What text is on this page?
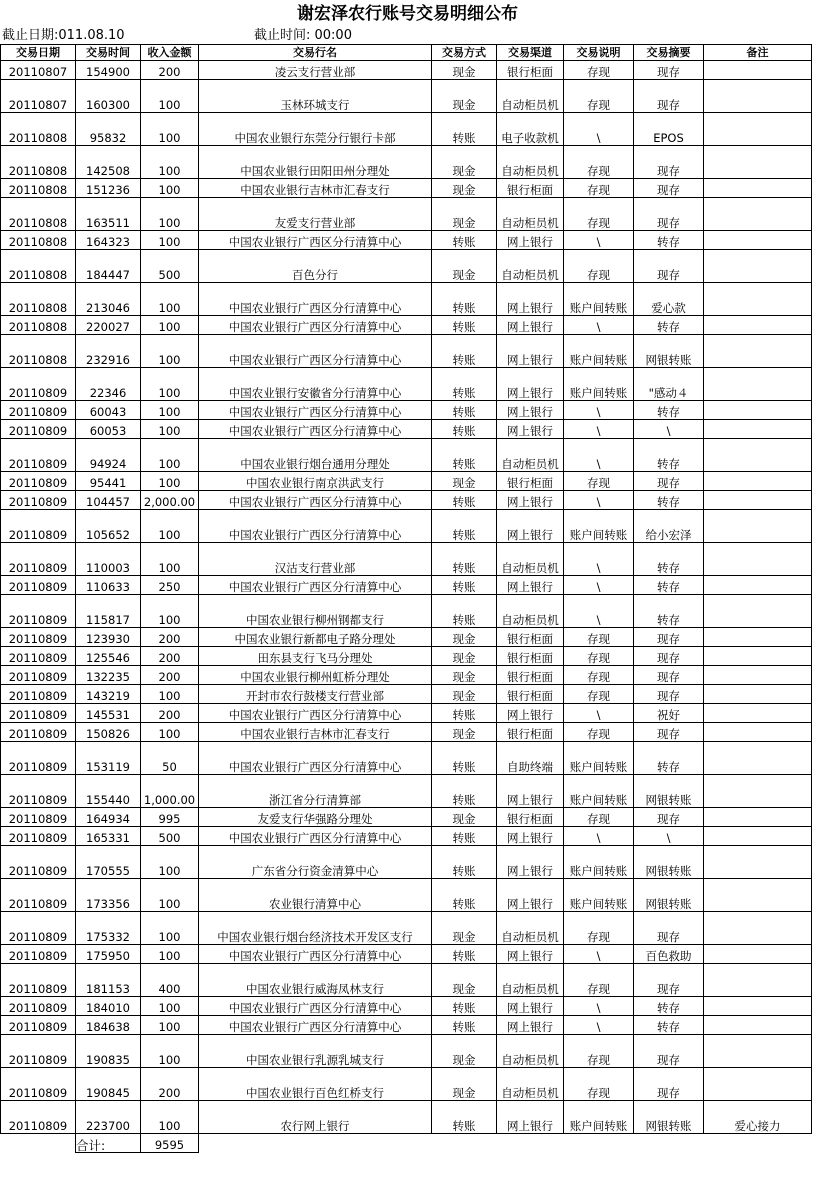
谢宏泽农行账号交易明细公布
截止日期:011.08.10	截止时间: 00:00
交易日期	交易时间	收入金额	交易行名	交易方式	交易渠道	交易说明	交易摘要	备注
20110807	154900	200	凌云支行营业部	现金	银行柜面	存现	现存	
20110807	160300	100	玉林环城支行	现金	自动柜员机	存现	现存	
20110808	95832	100	中国农业银行东莞分行银行卡部	转账	电子收款机	\	EPOS	
20110808	142508	100	中国农业银行田阳田州分理处	现金	自动柜员机	存现	现存	
20110808	151236	100	中国农业银行吉林市汇春支行	现金	银行柜面	存现	现存	
20110808	163511	100	友爱支行营业部	现金	自动柜员机	存现	现存	
20110808	164323	100	中国农业银行广西区分行清算中心	转账	网上银行	\	转存	
20110808	184447	500	百色分行	现金	自动柜员机	存现	现存	
20110808	213046	100	中国农业银行广西区分行清算中心	转账	网上银行	账户间转账	爱心款	
20110808	220027	100	中国农业银行广西区分行清算中心	转账	网上银行	\	转存	
20110808	232916	100	中国农业银行广西区分行清算中心	转账	网上银行	账户间转账	网银转账	
20110809	22346	100	中国农业银行安徽省分行清算中心	转账	网上银行	账户间转账	"感动４	
20110809	60043	100	中国农业银行广西区分行清算中心	转账	网上银行	\	转存	
20110809	60053	100	中国农业银行广西区分行清算中心	转账	网上银行	\	\	
20110809	94924	100	中国农业银行烟台通用分理处	转账	自动柜员机	\	转存	
20110809	95441	100	中国农业银行南京洪武支行	现金	银行柜面	存现	现存	
20110809	104457	2,000.00	中国农业银行广西区分行清算中心	转账	网上银行	\	转存	
20110809	105652	100	中国农业银行广西区分行清算中心	转账	网上银行	账户间转账	给小宏泽	
20110809	110003	100	汉沽支行营业部	转账	自动柜员机	\	转存	
20110809	110633	250	中国农业银行广西区分行清算中心	转账	网上银行	\	转存	
20110809	115817	100	中国农业银行柳州钢都支行	转账	自动柜员机	\	转存	
20110809	123930	200	中国农业银行新都电子路分理处	现金	银行柜面	存现	现存	
20110809	125546	200	田东县支行飞马分理处	现金	银行柜面	存现	现存	
20110809	132235	200	中国农业银行柳州虹桥分理处	现金	银行柜面	存现	现存	
20110809	143219	100	开封市农行鼓楼支行营业部	现金	银行柜面	存现	现存	
20110809	145531	200	中国农业银行广西区分行清算中心	转账	网上银行	\	祝好	
20110809	150826	100	中国农业银行吉林市汇春支行	现金	银行柜面	存现	现存	
20110809	153119	50	中国农业银行广西区分行清算中心	转账	自助终端	账户间转账	转存	
20110809	155440	1,000.00	浙江省分行清算部	转账	网上银行	账户间转账	网银转账	
20110809	164934	995	友爱支行华强路分理处	现金	银行柜面	存现	现存	
20110809	165331	500	中国农业银行广西区分行清算中心	转账	网上银行	\	\	
20110809	170555	100	广东省分行资金清算中心	转账	网上银行	账户间转账	网银转账	
20110809	173356	100	农业银行清算中心	转账	网上银行	账户间转账	网银转账	
20110809	175332	100	中国农业银行烟台经济技术开发区支行	现金	自动柜员机	存现	现存	
20110809	175950	100	中国农业银行广西区分行清算中心	转账	网上银行	\	百色救助	
20110809	181153	400	中国农业银行威海凤林支行	现金	自动柜员机	存现	现存	
20110809	184010	100	中国农业银行广西区分行清算中心	转账	网上银行	\	转存	
20110809	184638	100	中国农业银行广西区分行清算中心	转账	网上银行	\	转存	
20110809	190835	100	中国农业银行乳源乳城支行	现金	自动柜员机	存现	现存	
20110809	190845	200	中国农业银行百色红桥支行	现金	自动柜员机	存现	现存	
20110809	223700	100	农行网上银行	转账	网上银行	账户间转账	网银转账	爱心接力
	合计:	9595						
